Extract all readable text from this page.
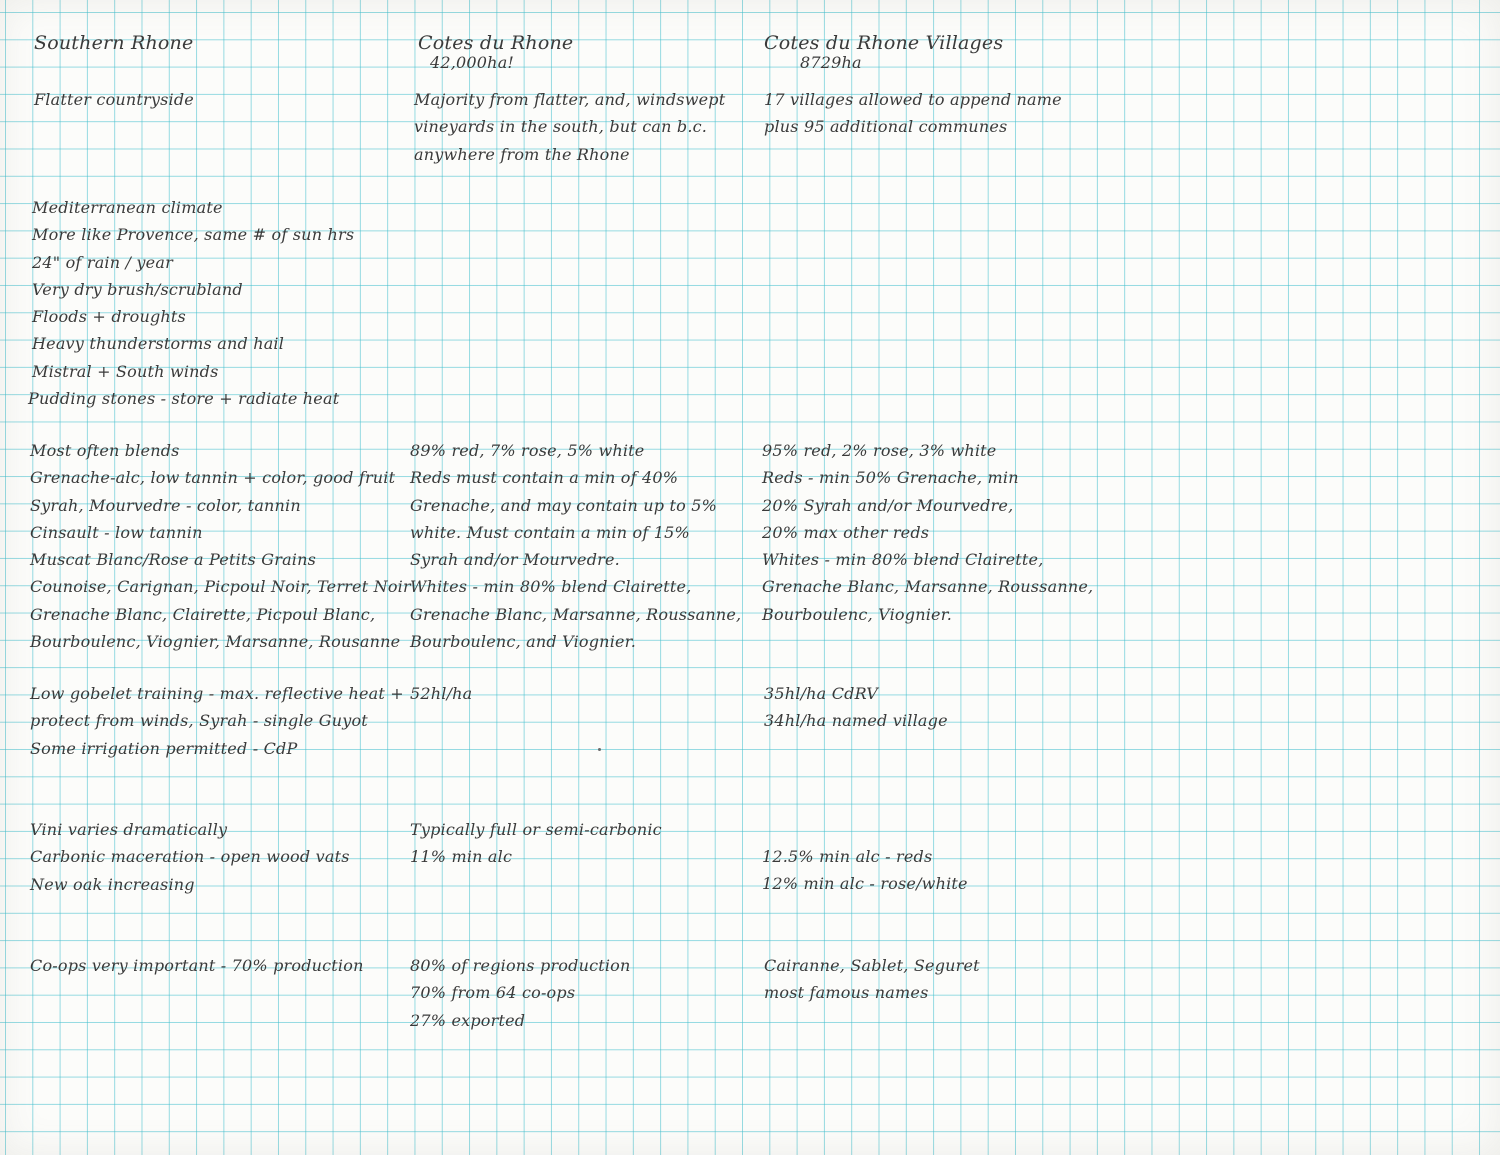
Southern Rhone
Flatter countryside
Mediterranean climate
More like Provence, same # of sun hrs
24" of rain / year
Very dry brush/scrubland
Floods + droughts
Heavy thunderstorms and hail
Mistral + South winds
Pudding stones - store + radiate heat
Most often blends
Grenache-alc, low tannin + color, good fruit
Syrah, Mourvedre - color, tannin
Cinsault - low tannin
Muscat Blanc/Rose a Petits Grains
Counoise, Carignan, Picpoul Noir, Terret Noir
Grenache Blanc, Clairette, Picpoul Blanc,
Bourboulenc, Viognier, Marsanne, Rousanne
Low gobelet training - max. reflective heat +
protect from winds, Syrah - single Guyot
Some irrigation permitted - CdP
Vini varies dramatically
Carbonic maceration - open wood vats
New oak increasing
Co-ops very important - 70% production
Cotes du Rhone
42,000ha!
Majority from flatter, and, windswept
vineyards in the south, but can b.c.
anywhere from the Rhone
89% red, 7% rose, 5% white
Reds must contain a min of 40%
Grenache, and may contain up to 5%
white. Must contain a min of 15%
Syrah and/or Mourvedre.
Whites - min 80% blend Clairette,
Grenache Blanc, Marsanne, Roussanne,
Bourboulenc, and Viognier.
52hl/ha
Typically full or semi-carbonic
11% min alc
80% of regions production
70% from 64 co-ops
27% exported
Cotes du Rhone Villages
8729ha
17 villages allowed to append name
plus 95 additional communes
95% red, 2% rose, 3% white
Reds - min 50% Grenache, min
20% Syrah and/or Mourvedre,
20% max other reds
Whites - min 80% blend Clairette,
Grenache Blanc, Marsanne, Roussanne,
Bourboulenc, Viognier.
35hl/ha CdRV
34hl/ha named village
12.5% min alc - reds
12% min alc - rose/white
Cairanne, Sablet, Seguret
most famous names
